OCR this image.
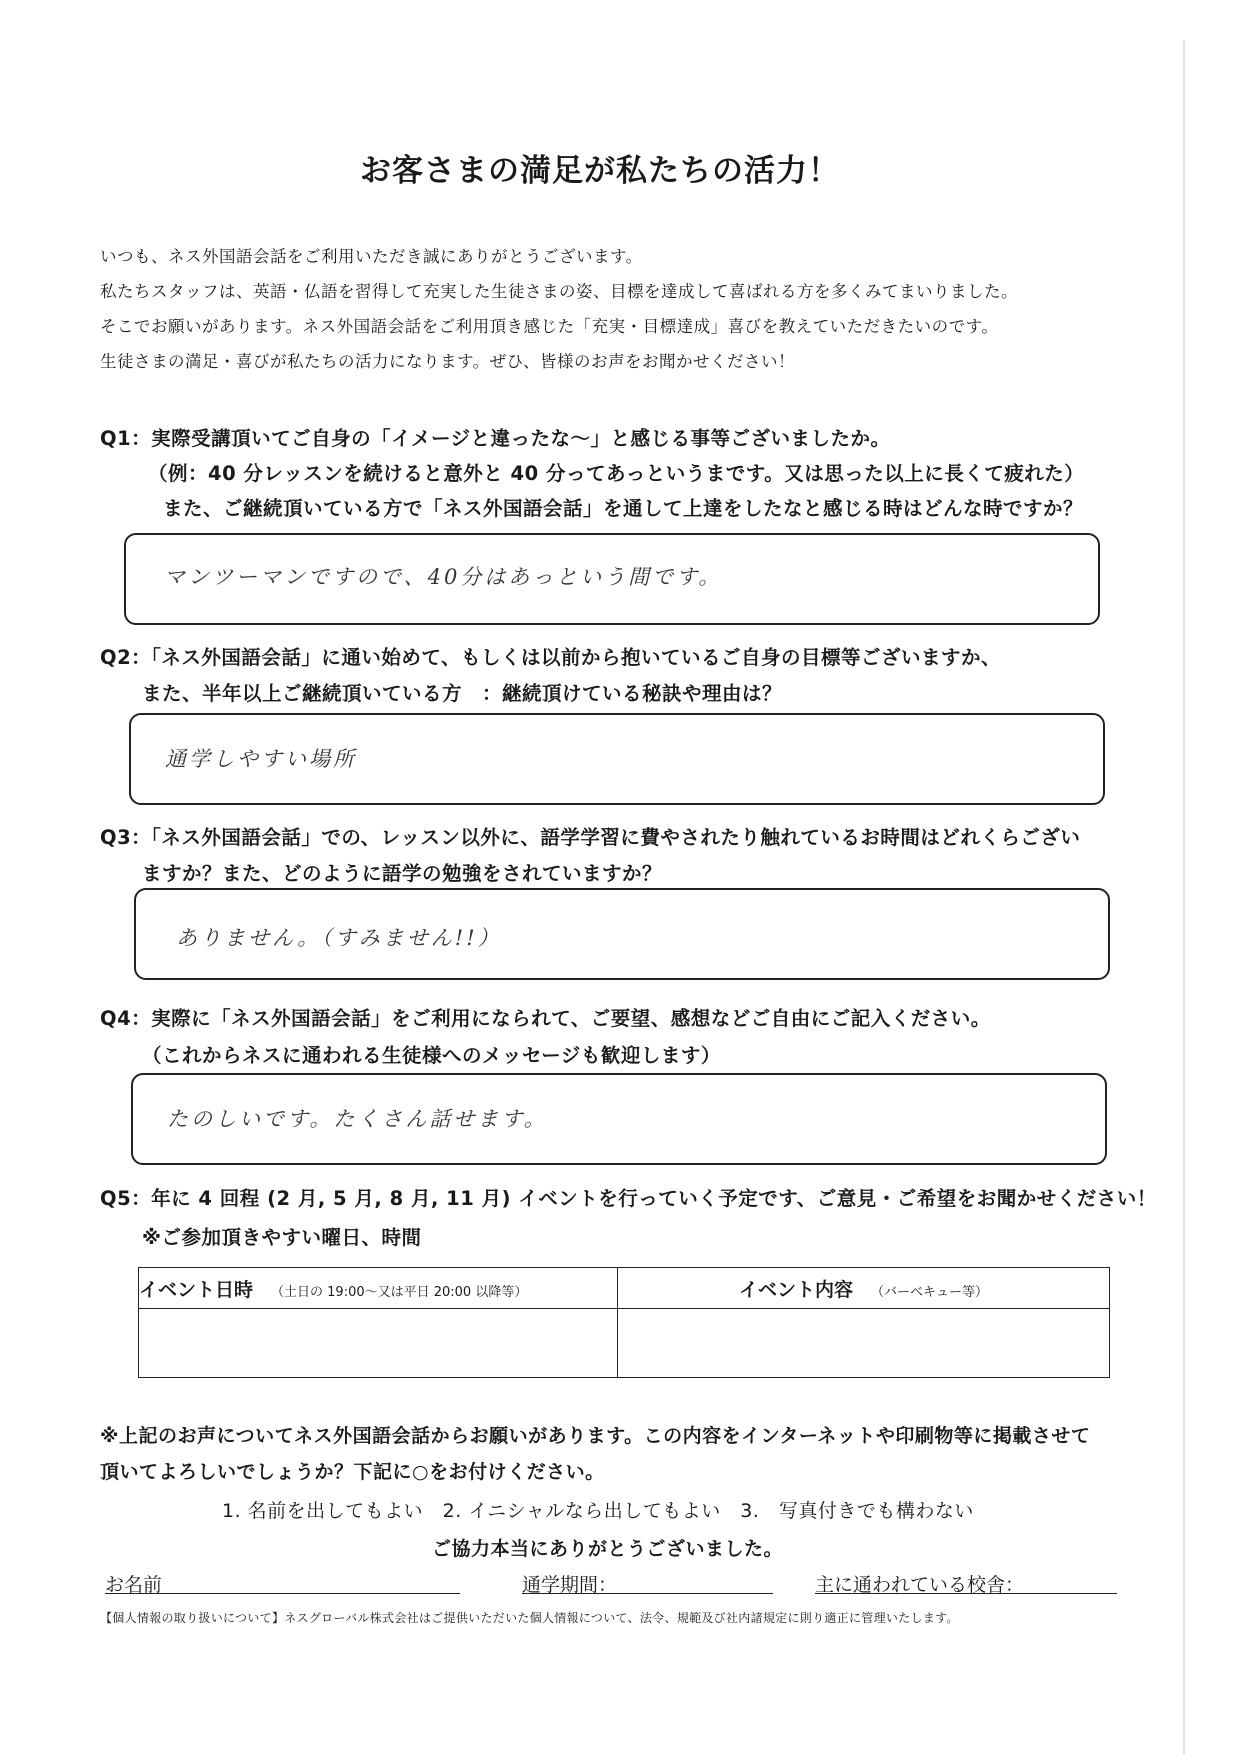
お客さまの満足が私たちの活力！
いつも、ネス外国語会話をご利用いただき誠にありがとうございます。
私たちスタッフは、英語・仏語を習得して充実した生徒さまの姿、目標を達成して喜ばれる方を多くみてまいりました。
そこでお願いがあります。ネス外国語会話をご利用頂き感じた「充実・目標達成」喜びを教えていただきたいのです。
生徒さまの満足・喜びが私たちの活力になります。ぜひ、皆様のお声をお聞かせください！
Q1：実際受講頂いてご自身の「イメージと違ったな～」と感じる事等ございましたか。
（例：40 分レッスンを続けると意外と 40 分ってあっというまです。又は思った以上に長くて疲れた）
また、ご継続頂いている方で「ネス外国語会話」を通して上達をしたなと感じる時はどんな時ですか？
マンツーマンですので、40分はあっという間です。
Q2：「ネス外国語会話」に通い始めて、もしくは以前から抱いているご自身の目標等ございますか、
また、半年以上ご継続頂いている方　：継続頂けている秘訣や理由は？
通学しやすい場所
Q3：「ネス外国語会話」での、レッスン以外に、語学学習に費やされたり触れているお時間はどれくらござい
ますか？また、どのように語学の勉強をされていますか？
ありません。（すみません!!）
Q4：実際に「ネス外国語会話」をご利用になられて、ご要望、感想などご自由にご記入ください。
（これからネスに通われる生徒様へのメッセージも歓迎します）
たのしいです。たくさん話せます。
Q5：年に 4 回程 (2 月, 5 月, 8 月, 11 月) イベントを行っていく予定です、ご意見・ご希望をお聞かせください！
※ご参加頂きやすい曜日、時間
イベント日時 （土日の 19:00～又は平日 20:00 以降等）	イベント内容 （バーベキュー等）

※上記のお声についてネス外国語会話からお願いがあります。この内容をインターネットや印刷物等に掲載させて
頂いてよろしいでしょうか？下記に○をお付けください。
1. 名前を出してもよい　2. イニシャルなら出してもよい　3.　写真付きでも構わない
ご協力本当にありがとうございました。
お名前	通学期間：	主に通われている校舎：
【個人情報の取り扱いについて】ネスグローバル株式会社はご提供いただいた個人情報について、法令、規範及び社内諸規定に則り適正に管理いたします。
